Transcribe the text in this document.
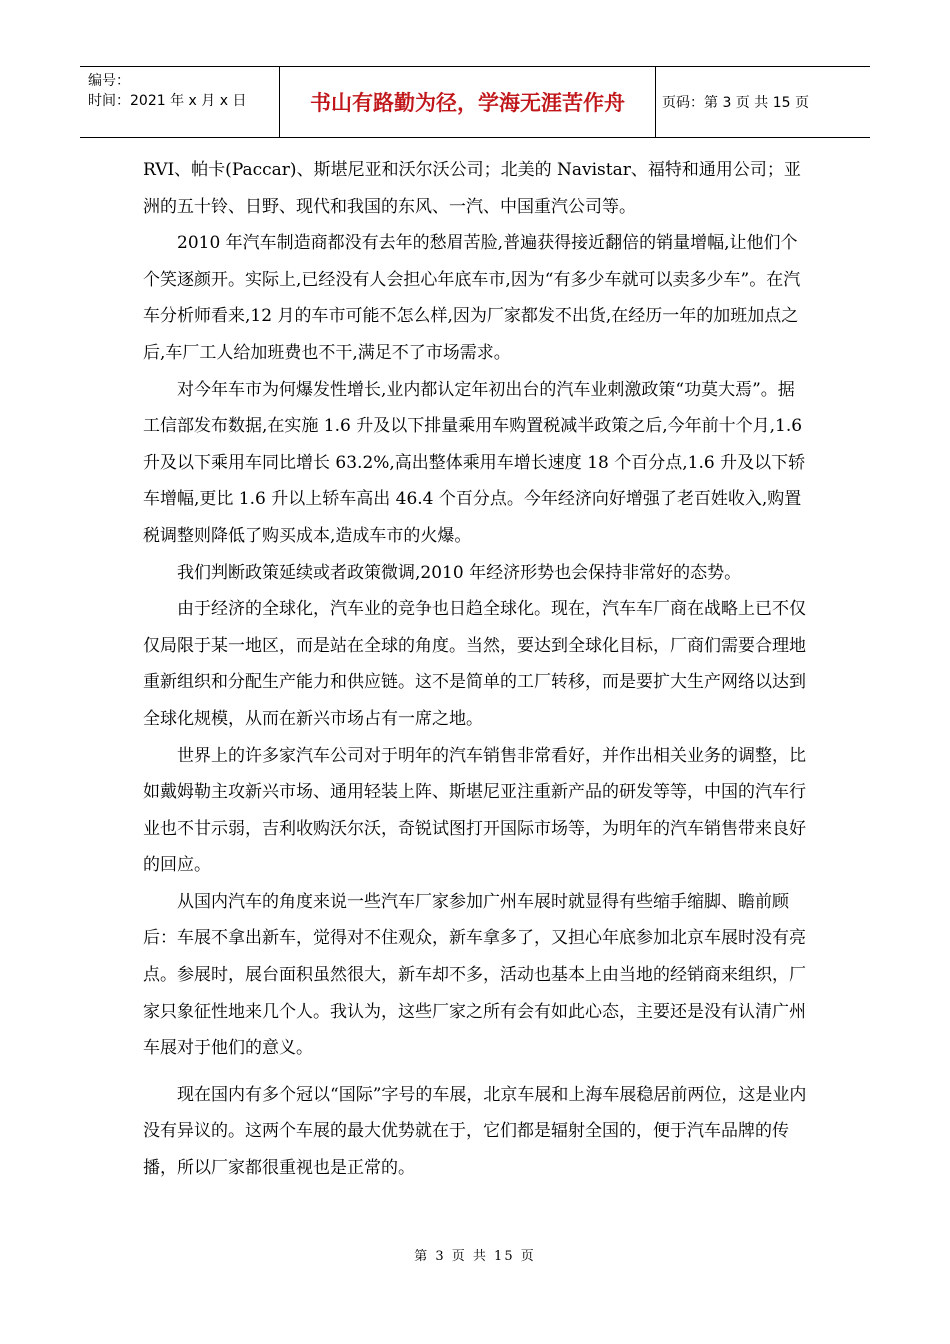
编号：
时间：2021 年 x 月 x 日	书山有路勤为径，学海无涯苦作舟	页码：第 3 页 共 15 页

RVI、帕卡(Paccar)、斯堪尼亚和沃尔沃公司；北美的 Navistar、福特和通用公司；亚洲的五十铃、日野、现代和我国的东风、一汽、中国重汽公司等。

2010 年汽车制造商都没有去年的愁眉苦脸,普遍获得接近翻倍的销量增幅,让他们个个笑逐颜开。实际上,已经没有人会担心年底车市,因为“有多少车就可以卖多少车”。在汽车分析师看来,12 月的车市可能不怎么样,因为厂家都发不出货,在经历一年的加班加点之后,车厂工人给加班费也不干,满足不了市场需求。

对今年车市为何爆发性增长,业内都认定年初出台的汽车业刺激政策“功莫大焉”。据工信部发布数据,在实施 1.6 升及以下排量乘用车购置税减半政策之后,今年前十个月,1.6 升及以下乘用车同比增长 63.2%,高出整体乘用车增长速度 18 个百分点,1.6 升及以下轿车增幅,更比 1.6 升以上轿车高出 46.4 个百分点。今年经济向好增强了老百姓收入,购置税调整则降低了购买成本,造成车市的火爆。

我们判断政策延续或者政策微调,2010 年经济形势也会保持非常好的态势。

由于经济的全球化，汽车业的竞争也日趋全球化。现在，汽车车厂商在战略上已不仅仅局限于某一地区，而是站在全球的角度。当然，要达到全球化目标，厂商们需要合理地重新组织和分配生产能力和供应链。这不是简单的工厂转移，而是要扩大生产网络以达到全球化规模，从而在新兴市场占有一席之地。

世界上的许多家汽车公司对于明年的汽车销售非常看好，并作出相关业务的调整，比如戴姆勒主攻新兴市场、通用轻装上阵、斯堪尼亚注重新产品的研发等等，中国的汽车行业也不甘示弱，吉利收购沃尔沃，奇锐试图打开国际市场等，为明年的汽车销售带来良好的回应。

从国内汽车的角度来说一些汽车厂家参加广州车展时就显得有些缩手缩脚、瞻前顾后：车展不拿出新车，觉得对不住观众，新车拿多了，又担心年底参加北京车展时没有亮点。参展时，展台面积虽然很大，新车却不多，活动也基本上由当地的经销商来组织，厂家只象征性地来几个人。我认为，这些厂家之所有会有如此心态，主要还是没有认清广州车展对于他们的意义。

现在国内有多个冠以“国际”字号的车展，北京车展和上海车展稳居前两位，这是业内没有异议的。这两个车展的最大优势就在于，它们都是辐射全国的，便于汽车品牌的传播，所以厂家都很重视也是正常的。

第 3 页 共 15 页
